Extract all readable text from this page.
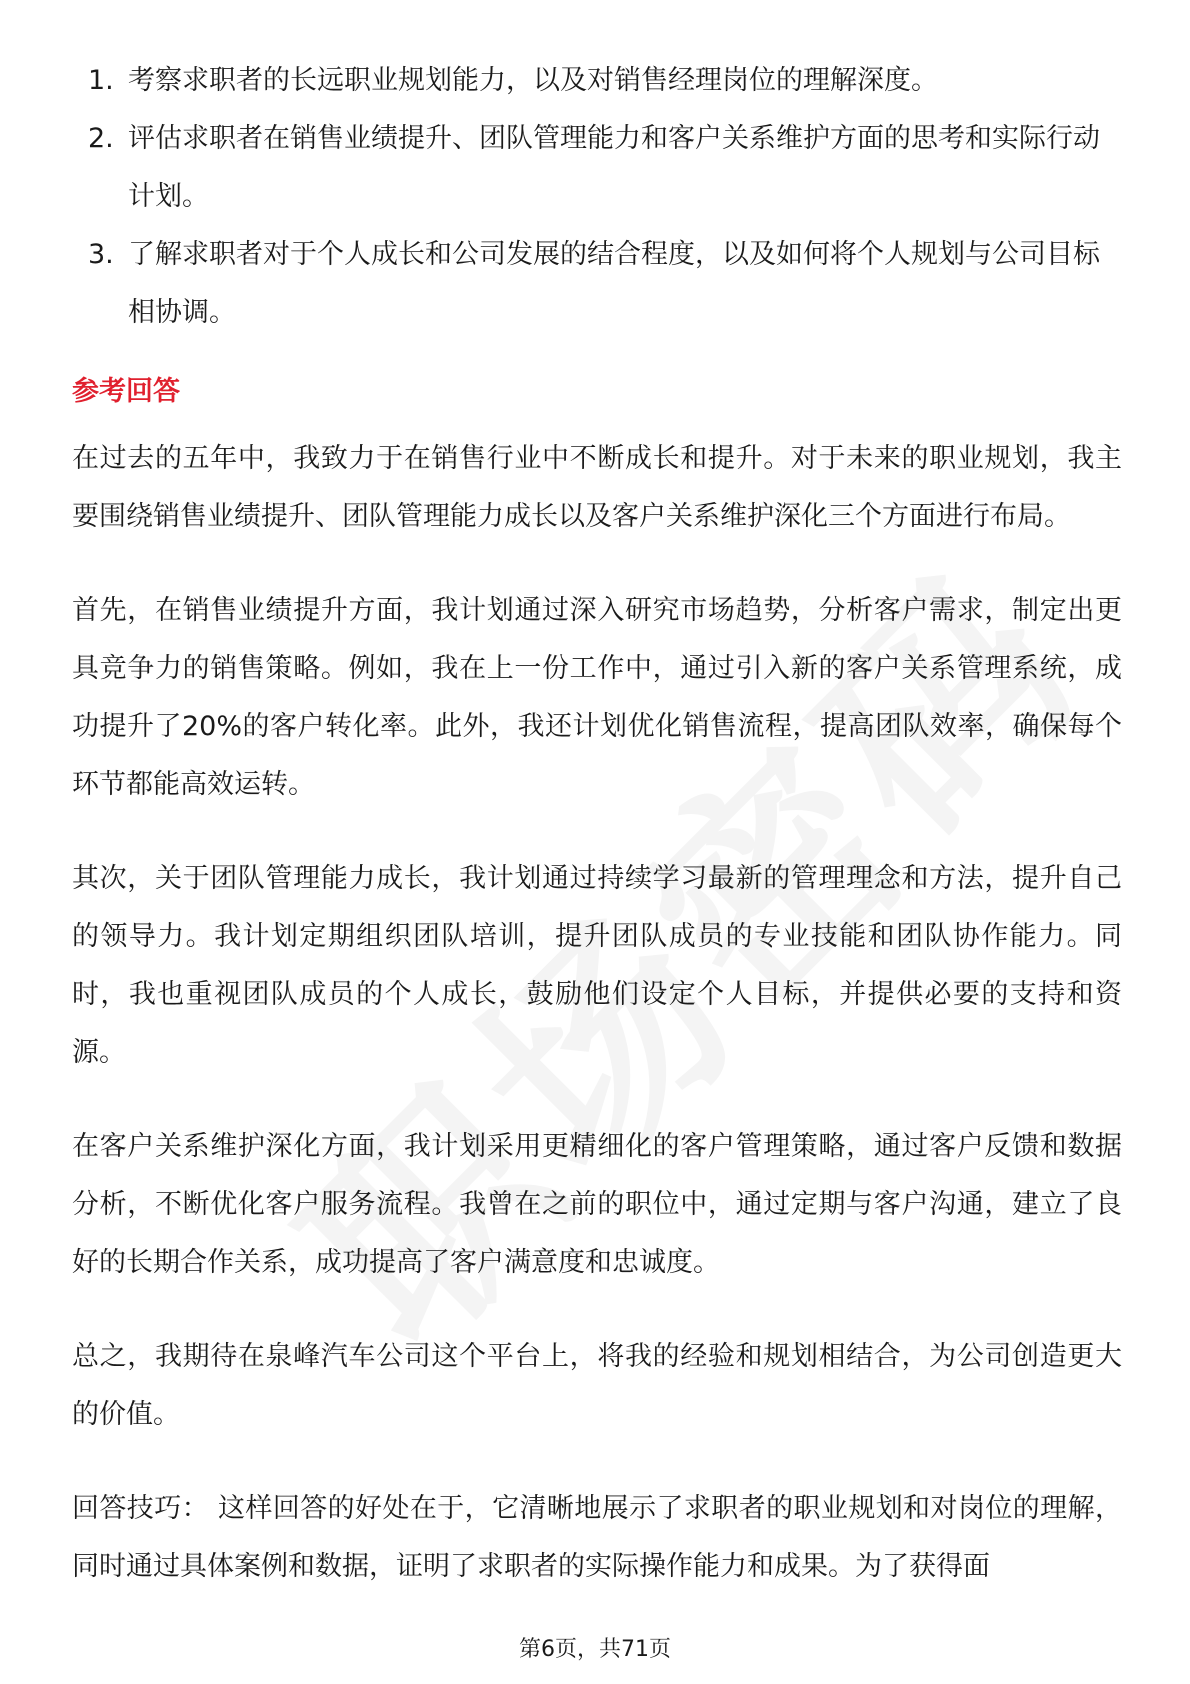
1. 考察求职者的长远职业规划能力，以及对销售经理岗位的理解深度。
2. 评估求职者在销售业绩提升、团队管理能力和客户关系维护方面的思考和实际行动计划。
3. 了解求职者对于个人成长和公司发展的结合程度，以及如何将个人规划与公司目标相协调。
参考回答

在过去的五年中，我致力于在销售行业中不断成长和提升。对于未来的职业规划，我主要围绕销售业绩提升、团队管理能力成长以及客户关系维护深化三个方面进行布局。

首先，在销售业绩提升方面，我计划通过深入研究市场趋势，分析客户需求，制定出更具竞争力的销售策略。例如，我在上一份工作中，通过引入新的客户关系管理系统，成功提升了20%的客户转化率。此外，我还计划优化销售流程，提高团队效率，确保每个环节都能高效运转。

其次，关于团队管理能力成长，我计划通过持续学习最新的管理理念和方法，提升自己的领导力。我计划定期组织团队培训，提升团队成员的专业技能和团队协作能力。同时，我也重视团队成员的个人成长，鼓励他们设定个人目标，并提供必要的支持和资源。

在客户关系维护深化方面，我计划采用更精细化的客户管理策略，通过客户反馈和数据分析，不断优化客户服务流程。我曾在之前的职位中，通过定期与客户沟通，建立了良好的长期合作关系，成功提高了客户满意度和忠诚度。

总之，我期待在泉峰汽车公司这个平台上，将我的经验和规划相结合，为公司创造更大的价值。

回答技巧： 这样回答的好处在于，它清晰地展示了求职者的职业规划和对岗位的理解，同时通过具体案例和数据，证明了求职者的实际操作能力和成果。为了获得面

第6页，共71页
